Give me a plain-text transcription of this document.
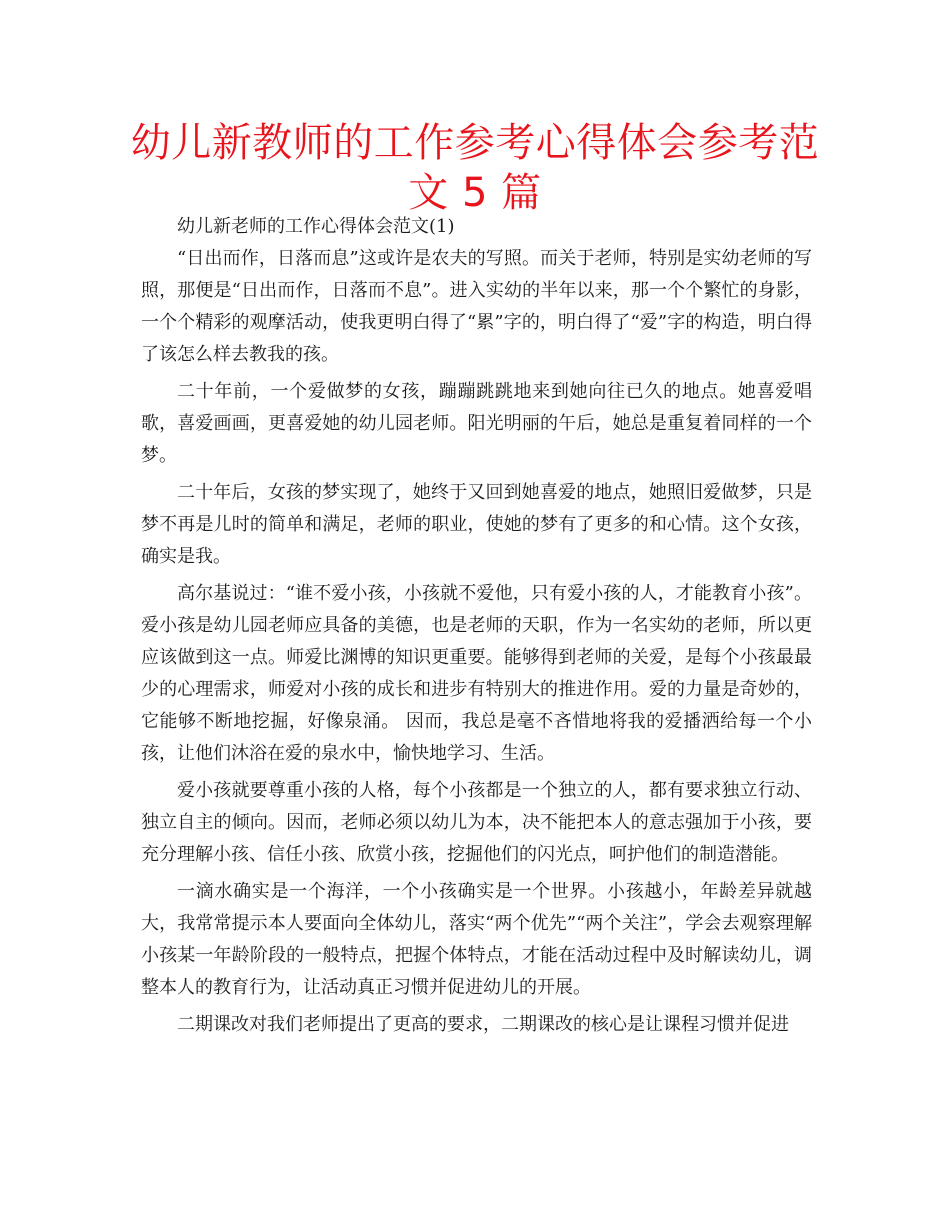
幼儿新教师的工作参考心得体会参考范文 5 篇

幼儿新老师的工作心得体会范文(1)

“日出而作，日落而息”这或许是农夫的写照。而关于老师，特别是实幼老师的写照，那便是“日出而作，日落而不息”。进入实幼的半年以来，那一个个繁忙的身影，一个个精彩的观摩活动，使我更明白得了“累”字的，明白得了“爱”字的构造，明白得了该怎么样去教我的孩。

二十年前，一个爱做梦的女孩，蹦蹦跳跳地来到她向往已久的地点。她喜爱唱歌，喜爱画画，更喜爱她的幼儿园老师。阳光明丽的午后，她总是重复着同样的一个梦。

二十年后，女孩的梦实现了，她终于又回到她喜爱的地点，她照旧爱做梦，只是梦不再是儿时的简单和满足，老师的职业，使她的梦有了更多的和心情。这个女孩，确实是我。

高尔基说过：“谁不爱小孩，小孩就不爱他，只有爱小孩的人，才能教育小孩”。爱小孩是幼儿园老师应具备的美德，也是老师的天职，作为一名实幼的老师，所以更应该做到这一点。师爱比渊博的知识更重要。能够得到老师的关爱，是每个小孩最最少的心理需求，师爱对小孩的成长和进步有特别大的推进作用。爱的力量是奇妙的，它能够不断地挖掘，好像泉涌。 因而，我总是毫不吝惜地将我的爱播洒给每一个小孩，让他们沐浴在爱的泉水中，愉快地学习、生活。

爱小孩就要尊重小孩的人格，每个小孩都是一个独立的人，都有要求独立行动、独立自主的倾向。因而，老师必须以幼儿为本，决不能把本人的意志强加于小孩，要充分理解小孩、信任小孩、欣赏小孩，挖掘他们的闪光点，呵护他们的制造潜能。

一滴水确实是一个海洋，一个小孩确实是一个世界。小孩越小，年龄差异就越大，我常常提示本人要面向全体幼儿，落实“两个优先”“两个关注”，学会去观察理解小孩某一年龄阶段的一般特点，把握个体特点，才能在活动过程中及时解读幼儿，调整本人的教育行为，让活动真正习惯并促进幼儿的开展。

二期课改对我们老师提出了更高的要求，二期课改的核心是让课程习惯并促进
